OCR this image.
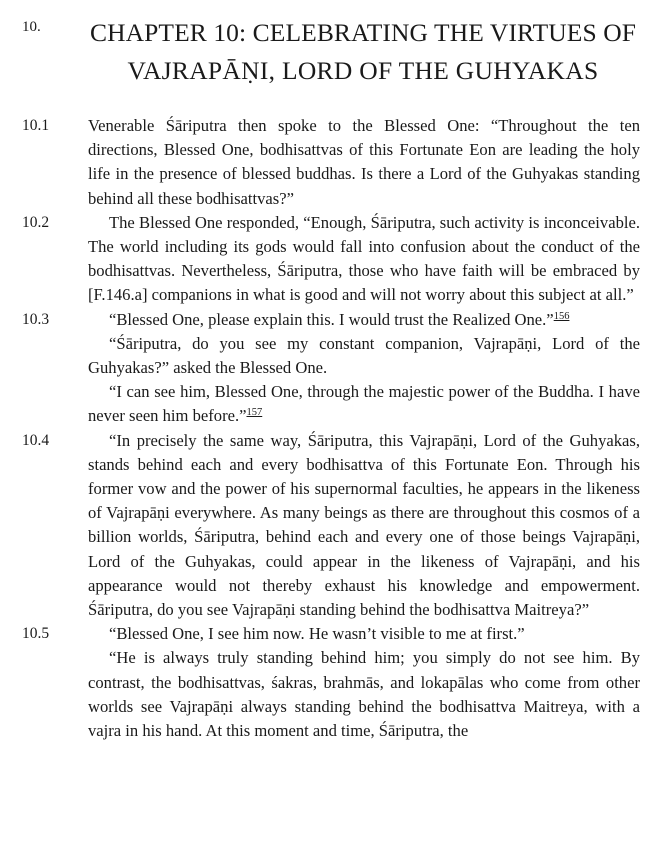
10.	CHAPTER 10: CELEBRATING THE VIRTUES OF
VAJRAPĀṆI, LORD OF THE GUHYAKAS
10.1 Venerable Śāriputra then spoke to the Blessed One: “Throughout the ten directions, Blessed One, bodhisattvas of this Fortunate Eon are leading the holy life in the presence of blessed buddhas. Is there a Lord of the Guhyakas standing behind all these bodhisattvas?”

10.2	The Blessed One responded, “Enough, Śāriputra, such activity is inconceivable. The world including its gods would fall into confusion about the conduct of the bodhisattvas. Nevertheless, Śāriputra, those who have faith will be embraced by [F.146.a] companions in what is good and will not worry about this subject at all.”

10.3	“Blessed One, please explain this. I would trust the Realized One.”$^{156}$

“Śāriputra, do you see my constant companion, Vajrapāṇi, Lord of the Guhyakas?” asked the Blessed One.

“I can see him, Blessed One, through the majestic power of the Buddha. I have never seen him before.”$^{157}$

10.4	“In precisely the same way, Śāriputra, this Vajrapāṇi, Lord of the Guhyakas, stands behind each and every bodhisattva of this Fortunate Eon. Through his former vow and the power of his supernormal faculties, he appears in the likeness of Vajrapāṇi everywhere. As many beings as there are throughout this cosmos of a billion worlds, Śāriputra, behind each and every one of those beings Vajrapāṇi, Lord of the Guhyakas, could appear in the likeness of Vajrapāṇi, and his appearance would not thereby exhaust his knowledge and empowerment. Śāriputra, do you see Vajrapāṇi standing behind the bodhisattva Maitreya?”

10.5	“Blessed One, I see him now. He wasn’t visible to me at first.”

“He is always truly standing behind him; you simply do not see him. By contrast, the bodhisattvas, śakras, brahmās, and lokapālas who come from other worlds see Vajrapāṇi always standing behind the bodhisattva Maitreya, with a vajra in his hand. At this moment and time, Śāriputra, the
